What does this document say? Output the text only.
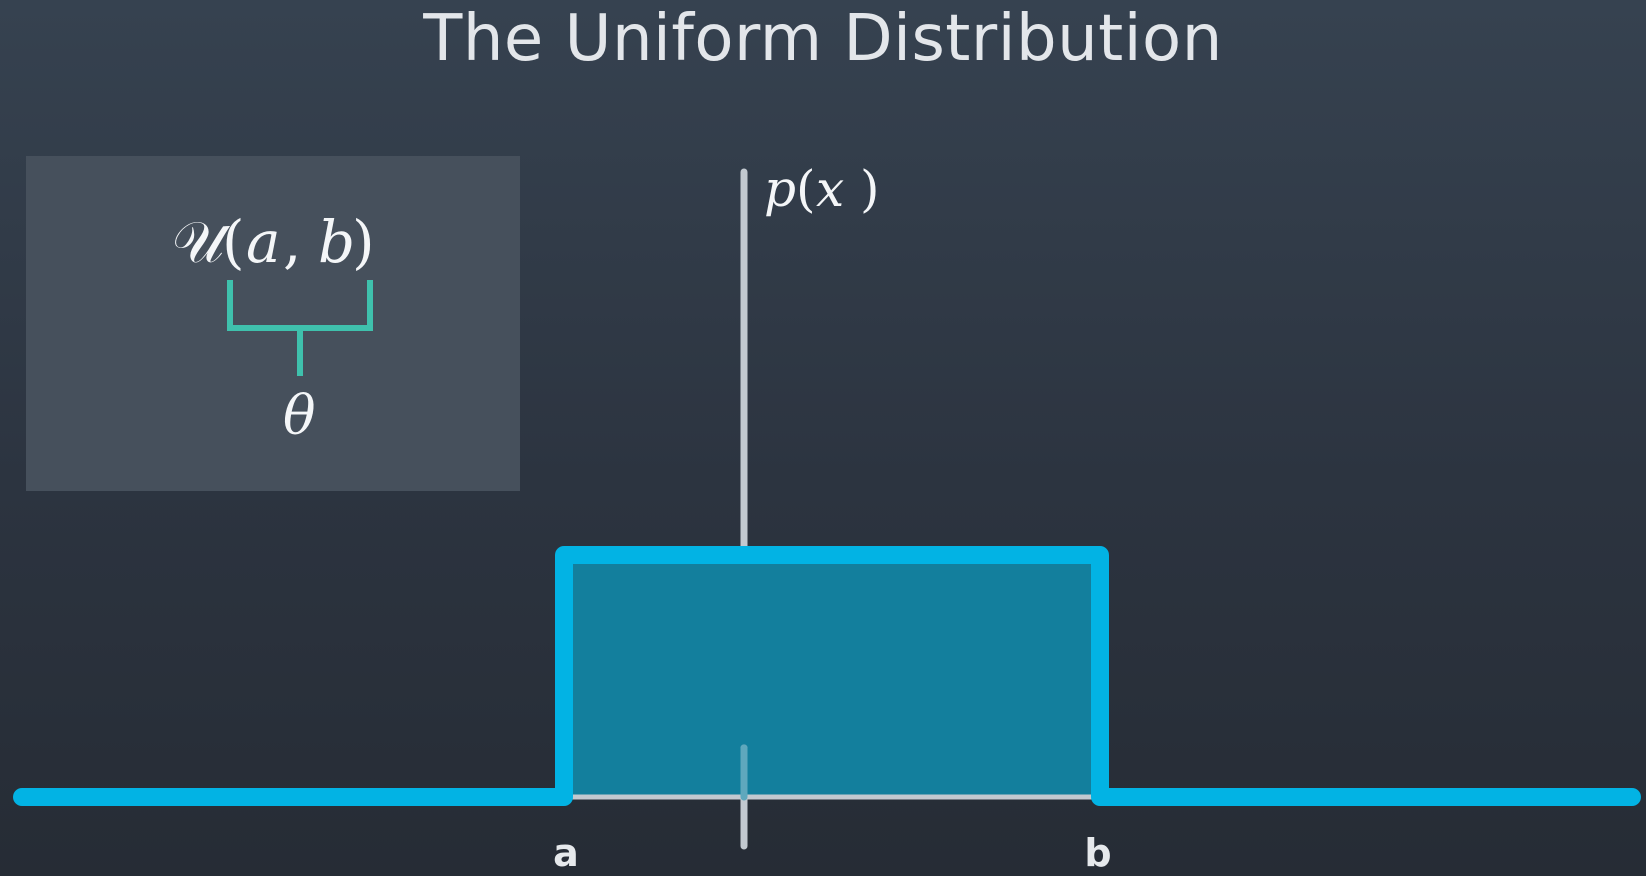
The Uniform Distribution
𝒰
( a , b
)
θ
p ( x )
a	b
